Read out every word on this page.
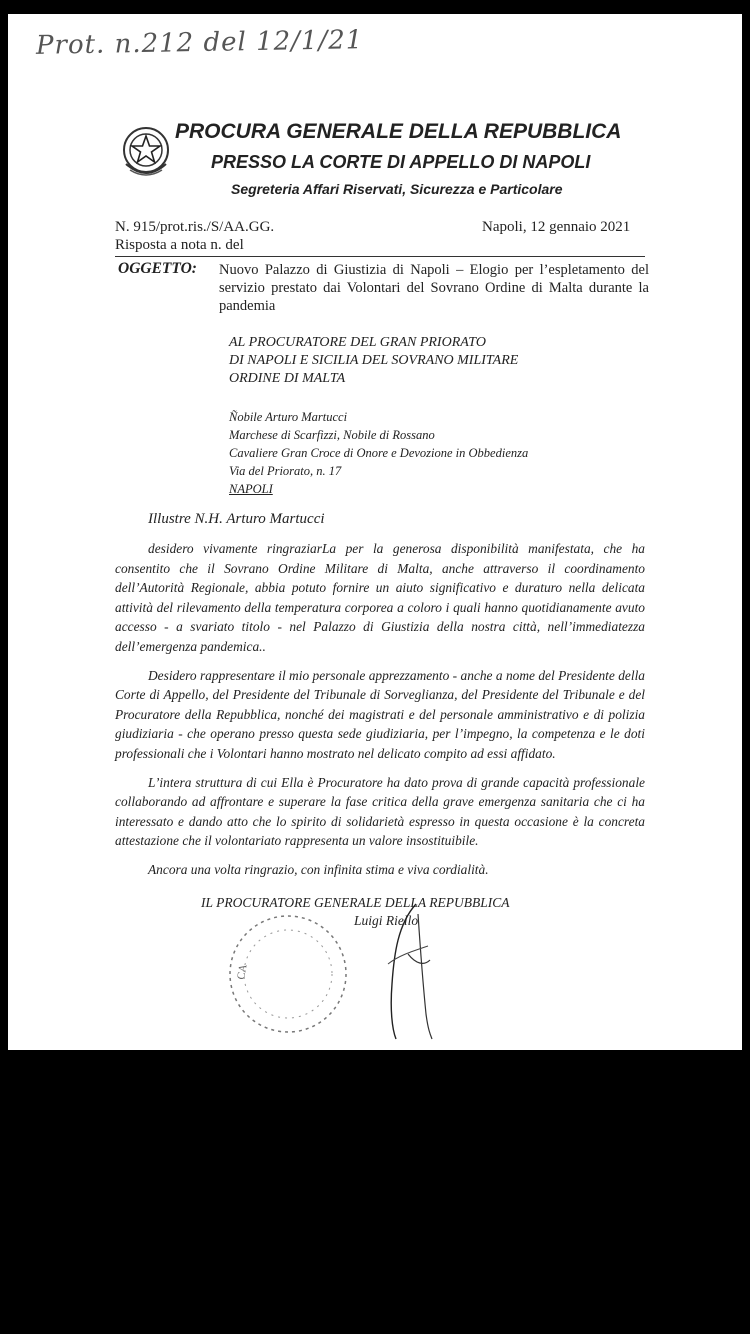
Prot. n.212 del 12/1/21
PROCURA GENERALE DELLA REPUBBLICA
PRESSO LA CORTE DI APPELLO DI NAPOLI
Segreteria Affari Riservati, Sicurezza e Particolare
N. 915/prot.ris./S/AA.GG.	Napoli, 12 gennaio 2021
Risposta a nota n. del
OGGETTO: Nuovo Palazzo di Giustizia di Napoli – Elogio per l’espletamento del servizio prestato dai Volontari del Sovrano Ordine di Malta durante la pandemia
AL PROCURATORE DEL GRAN PRIORATO
DI NAPOLI E SICILIA DEL SOVRANO MILITARE
ORDINE DI MALTA
Ñobile Arturo Martucci
Marchese di Scarfizzi, Nobile di Rossano
Cavaliere Gran Croce di Onore e Devozione in Obbedienza
Via del Priorato, n. 17
NAPOLI
Illustre N.H. Arturo Martucci

desidero vivamente ringraziarLa per la generosa disponibilità manifestata, che ha consentito che il Sovrano Ordine Militare di Malta, anche attraverso il coordinamento dell’Autorità Regionale, abbia potuto fornire un aiuto significativo e duraturo nella delicata attività del rilevamento della temperatura corporea a coloro i quali hanno quotidianamente avuto accesso - a svariato titolo - nel Palazzo di Giustizia della nostra città, nell’immediatezza dell’emergenza pandemica..

Desidero rappresentare il mio personale apprezzamento - anche a nome del Presidente della Corte di Appello, del Presidente del Tribunale di Sorveglianza, del Presidente del Tribunale e del Procuratore della Repubblica, nonché dei magistrati e del personale amministrativo e di polizia giudiziaria - che operano presso questa sede giudiziaria, per l’impegno, la competenza e le doti professionali che i Volontari hanno mostrato nel delicato compito ad essi affidato.

L’intera struttura di cui Ella è Procuratore ha dato prova di grande capacità professionale collaborando ad affrontare e superare la fase critica della grave emergenza sanitaria che ci ha interessato e dando atto che lo spirito di solidarietà espresso in questa occasione è la concreta attestazione che il volontariato rappresenta un valore insostituibile.

Ancora una volta ringrazio, con infinita stima e viva cordialità.

CA
IL PROCURATORE GENERALE DELLA REPUBBLICA
Luigi Riello
